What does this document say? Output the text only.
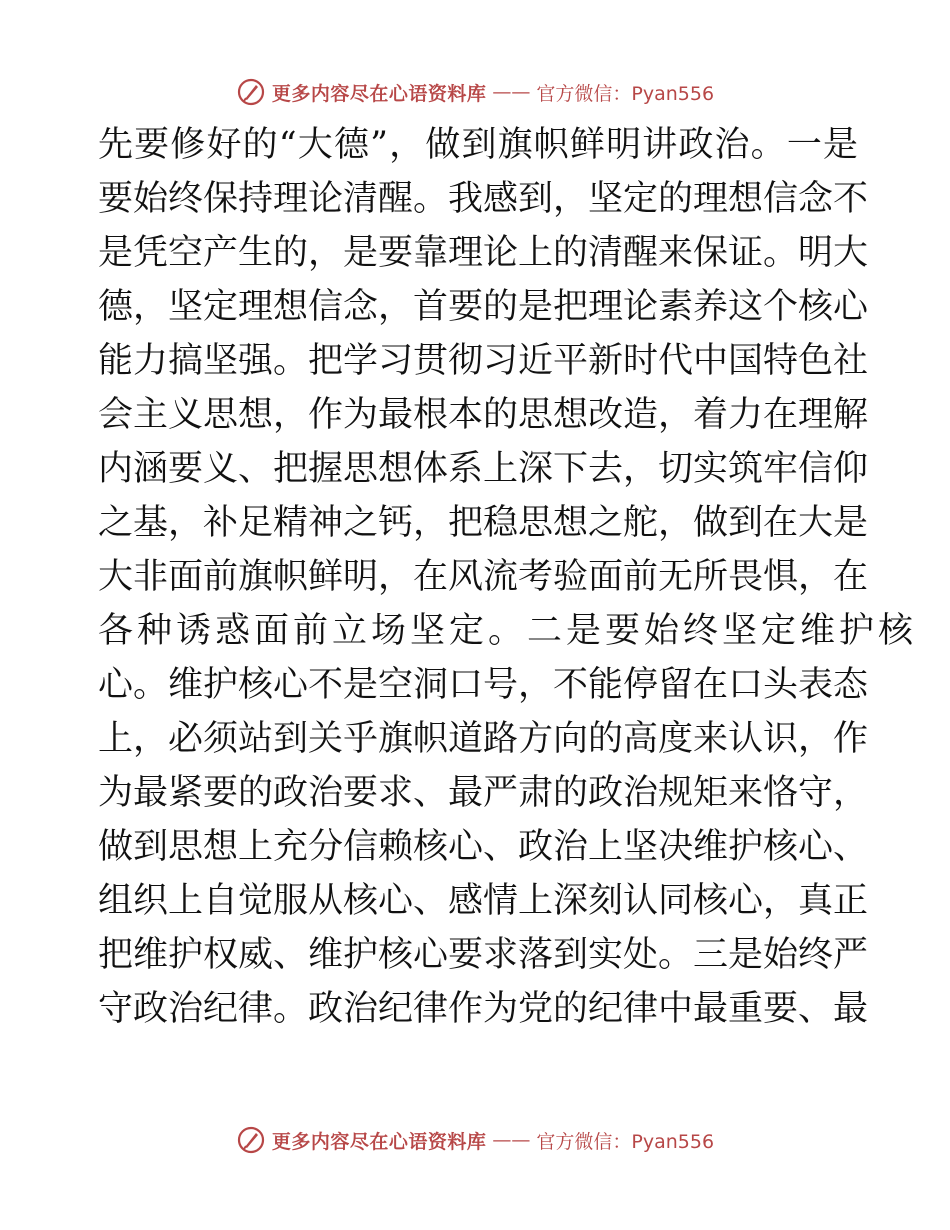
更多内容尽在心语资料库 —— 官方微信：Pyan556
先要修好的“大德”，做到旗帜鲜明讲政治。一是
要始终保持理论清醒。我感到，坚定的理想信念不
是凭空产生的，是要靠理论上的清醒来保证。明大
德，坚定理想信念，首要的是把理论素养这个核心
能力搞坚强。把学习贯彻习近平新时代中国特色社
会主义思想，作为最根本的思想改造，着力在理解
内涵要义、把握思想体系上深下去，切实筑牢信仰
之基，补足精神之钙，把稳思想之舵，做到在大是
大非面前旗帜鲜明，在风流考验面前无所畏惧，在
各种诱惑面前立场坚定。二是要始终坚定维护核
心。维护核心不是空洞口号，不能停留在口头表态
上，必须站到关乎旗帜道路方向的高度来认识，作
为最紧要的政治要求、最严肃的政治规矩来恪守，
做到思想上充分信赖核心、政治上坚决维护核心、
组织上自觉服从核心、感情上深刻认同核心，真正
把维护权威、维护核心要求落到实处。三是始终严
守政治纪律。政治纪律作为党的纪律中最重要、最
更多内容尽在心语资料库 —— 官方微信：Pyan556
